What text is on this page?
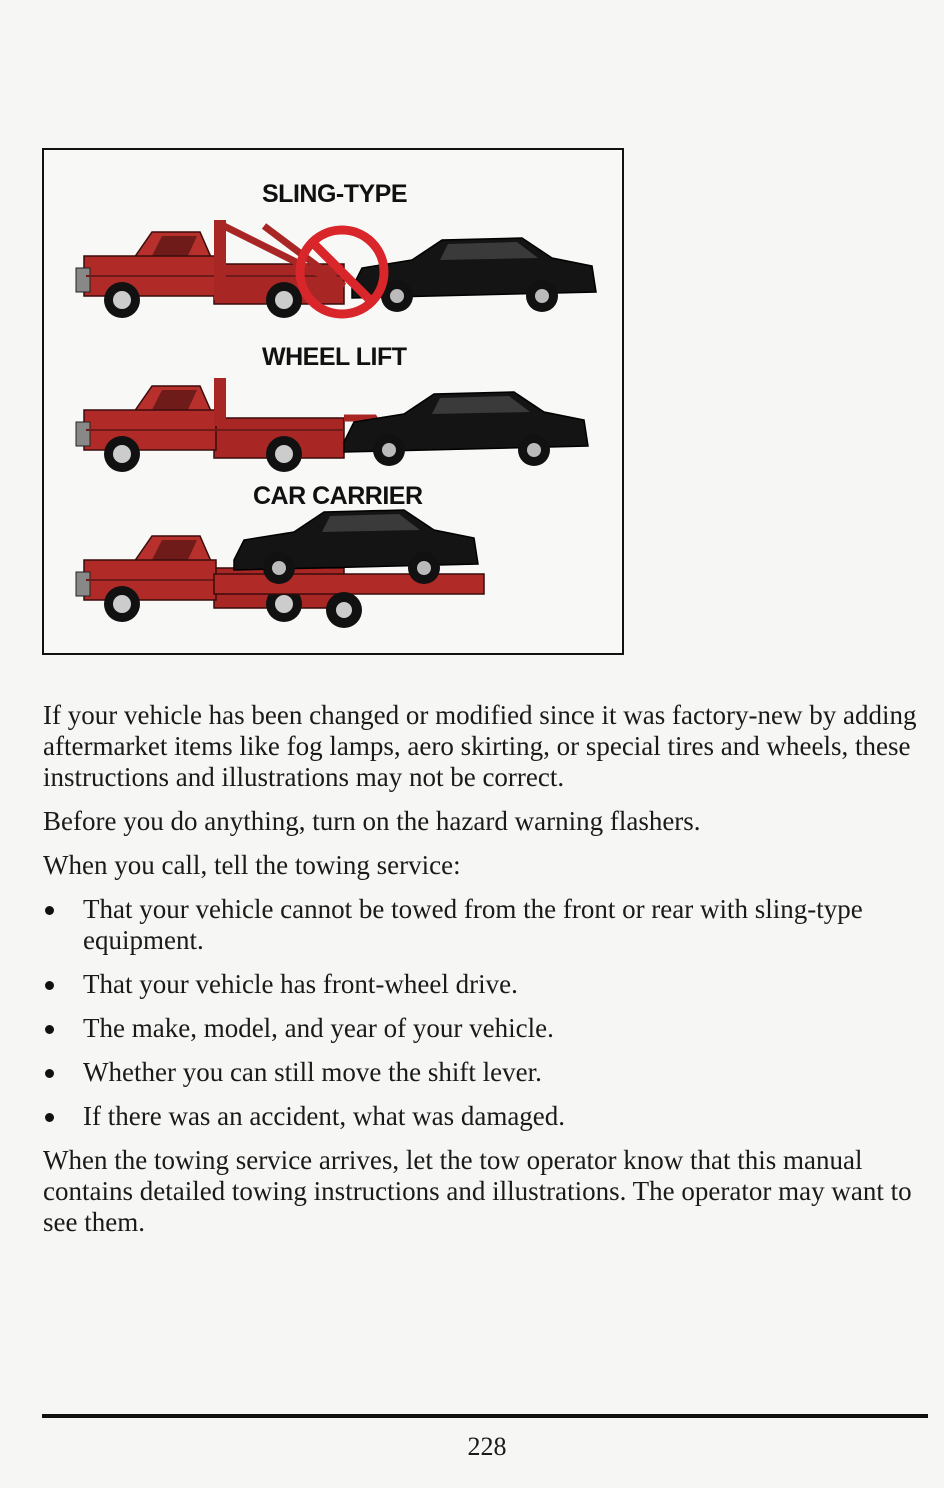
SLING-TYPE
WHEEL LIFT
CAR CARRIER

If your vehicle has been changed or modified since it was factory-new by adding aftermarket items like fog lamps, aero skirting, or special tires and wheels, these instructions and illustrations may not be correct.

Before you do anything, turn on the hazard warning flashers.

When you call, tell the towing service:

That your vehicle cannot be towed from the front or rear with sling-type equipment.
That your vehicle has front-wheel drive.
The make, model, and year of your vehicle.
Whether you can still move the shift lever.
If there was an accident, what was damaged.

When the towing service arrives, let the tow operator know that this manual contains detailed towing instructions and illustrations. The operator may want to see them.

228
